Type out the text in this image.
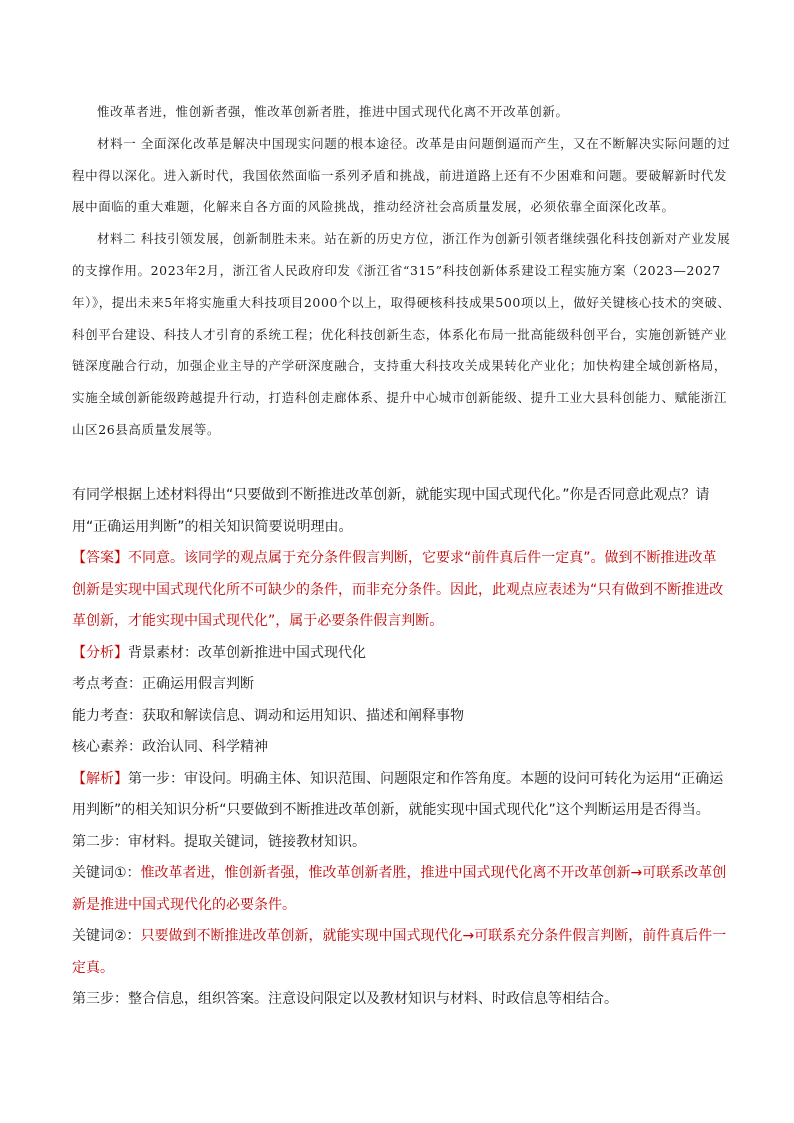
惟改革者进，惟创新者强，惟改革创新者胜，推进中国式现代化离不开改革创新。

材料一 全面深化改革是解决中国现实问题的根本途径。改革是由问题倒逼而产生，又在不断解决实际问题的过程中得以深化。进入新时代，我国依然面临一系列矛盾和挑战，前进道路上还有不少困难和问题。要破解新时代发展中面临的重大难题，化解来自各方面的风险挑战，推动经济社会高质量发展，必须依靠全面深化改革。

材料二 科技引领发展，创新制胜未来。站在新的历史方位，浙江作为创新引领者继续强化科技创新对产业发展的支撑作用。2023年2月，浙江省人民政府印发《浙江省“315”科技创新体系建设工程实施方案（2023—2027年）》，提出未来5年将实施重大科技项目2000个以上，取得硬核科技成果500项以上，做好关键核心技术的突破、科创平台建设、科技人才引育的系统工程；优化科技创新生态，体系化布局一批高能级科创平台，实施创新链产业链深度融合行动，加强企业主导的产学研深度融合，支持重大科技攻关成果转化产业化；加快构建全域创新格局，实施全域创新能级跨越提升行动，打造科创走廊体系、提升中心城市创新能级、提升工业大县科创能力、赋能浙江山区26县高质量发展等。

有同学根据上述材料得出“只要做到不断推进改革创新，就能实现中国式现代化。”你是否同意此观点？请用“正确运用判断”的相关知识简要说明理由。

【答案】不同意。该同学的观点属于充分条件假言判断，它要求“前件真后件一定真”。做到不断推进改革创新是实现中国式现代化所不可缺少的条件，而非充分条件。因此，此观点应表述为“只有做到不断推进改革创新，才能实现中国式现代化”，属于必要条件假言判断。

【分析】背景素材：改革创新推进中国式现代化

考点考查：正确运用假言判断

能力考查：获取和解读信息、调动和运用知识、描述和阐释事物

核心素养：政治认同、科学精神

【解析】第一步：审设问。明确主体、知识范围、问题限定和作答角度。本题的设问可转化为运用“正确运用判断”的相关知识分析“只要做到不断推进改革创新，就能实现中国式现代化”这个判断运用是否得当。

第二步：审材料。提取关键词，链接教材知识。

关键词①：惟改革者进，惟创新者强，惟改革创新者胜，推进中国式现代化离不开改革创新→可联系改革创新是推进中国式现代化的必要条件。

关键词②：只要做到不断推进改革创新，就能实现中国式现代化→可联系充分条件假言判断，前件真后件一定真。

第三步：整合信息，组织答案。注意设问限定以及教材知识与材料、时政信息等相结合。
